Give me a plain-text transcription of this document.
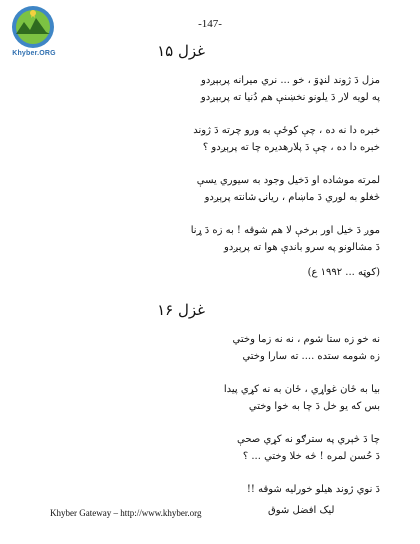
Khyber.ORG
-147-
غزل ۱۵
مزل دَ ژوند لنډوَ ، خو ... نري ميرانه پربېږدو
په لويه لار دَ يلونو نخښنې هم دُنيا ته پربېږدو
خبره دا نه ده ، چې کوځې به ورو چرته دَ ژوند
خبره دا ده ، چې دَ پلارهديره چا ته پرېږدو ؟
لمرته موشاده او دَخيل وجود به سيوري يسې
څغلو به لوري دَ ماښام ، ريانۍ شانته پرېږدو
موږ دَ خيل اور برخې لا هم شوقه ! به زه دَ ړنا
دَ مشالونو په سرو باندې هوا ته پرېږدو
(کوټه ... ۱۹۹۲ ع)
غزل ۱۶
نه خو زه ستا شوم ، نه نه زما وختي
زه شومه ستده .... ته سارا وختي
بيا به ځان غواړي ، ځان به نه کړي پيدا
بس که يو خل دَ چا به خوا وختي
چا دَ څېري په سترګو نه کړي صحې
دَ حُسن لمره ! څه خلا وختي ... ؟
دَ نوي ژوند هيلو خورليه شوقه !!
Khyber Gateway – http://www.khyber.org	ليک افضل شوق
